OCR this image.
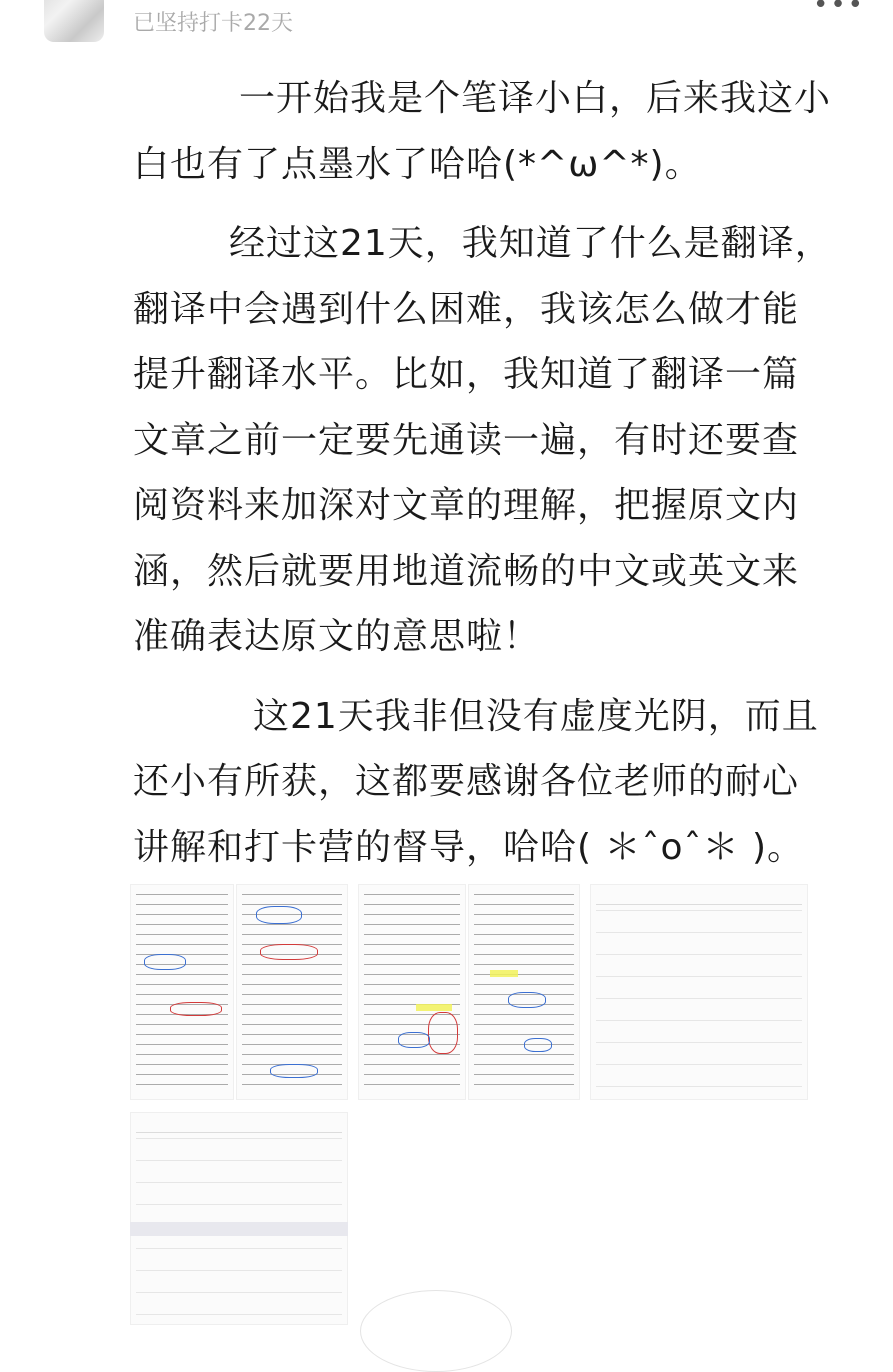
已坚持打卡22天
•••

一开始我是个笔译小白，后来我这小白也有了点墨水了哈哈(*^ω^*)。

经过这21天，我知道了什么是翻译，翻译中会遇到什么困难，我该怎么做才能提升翻译水平。比如，我知道了翻译一篇文章之前一定要先通读一遍，有时还要查阅资料来加深对文章的理解，把握原文内涵，然后就要用地道流畅的中文或英文来准确表达原文的意思啦！

这21天我非但没有虚度光阴，而且还小有所获，这都要感谢各位老师的耐心讲解和打卡营的督导，哈哈( ＊ˆoˆ＊ )。
